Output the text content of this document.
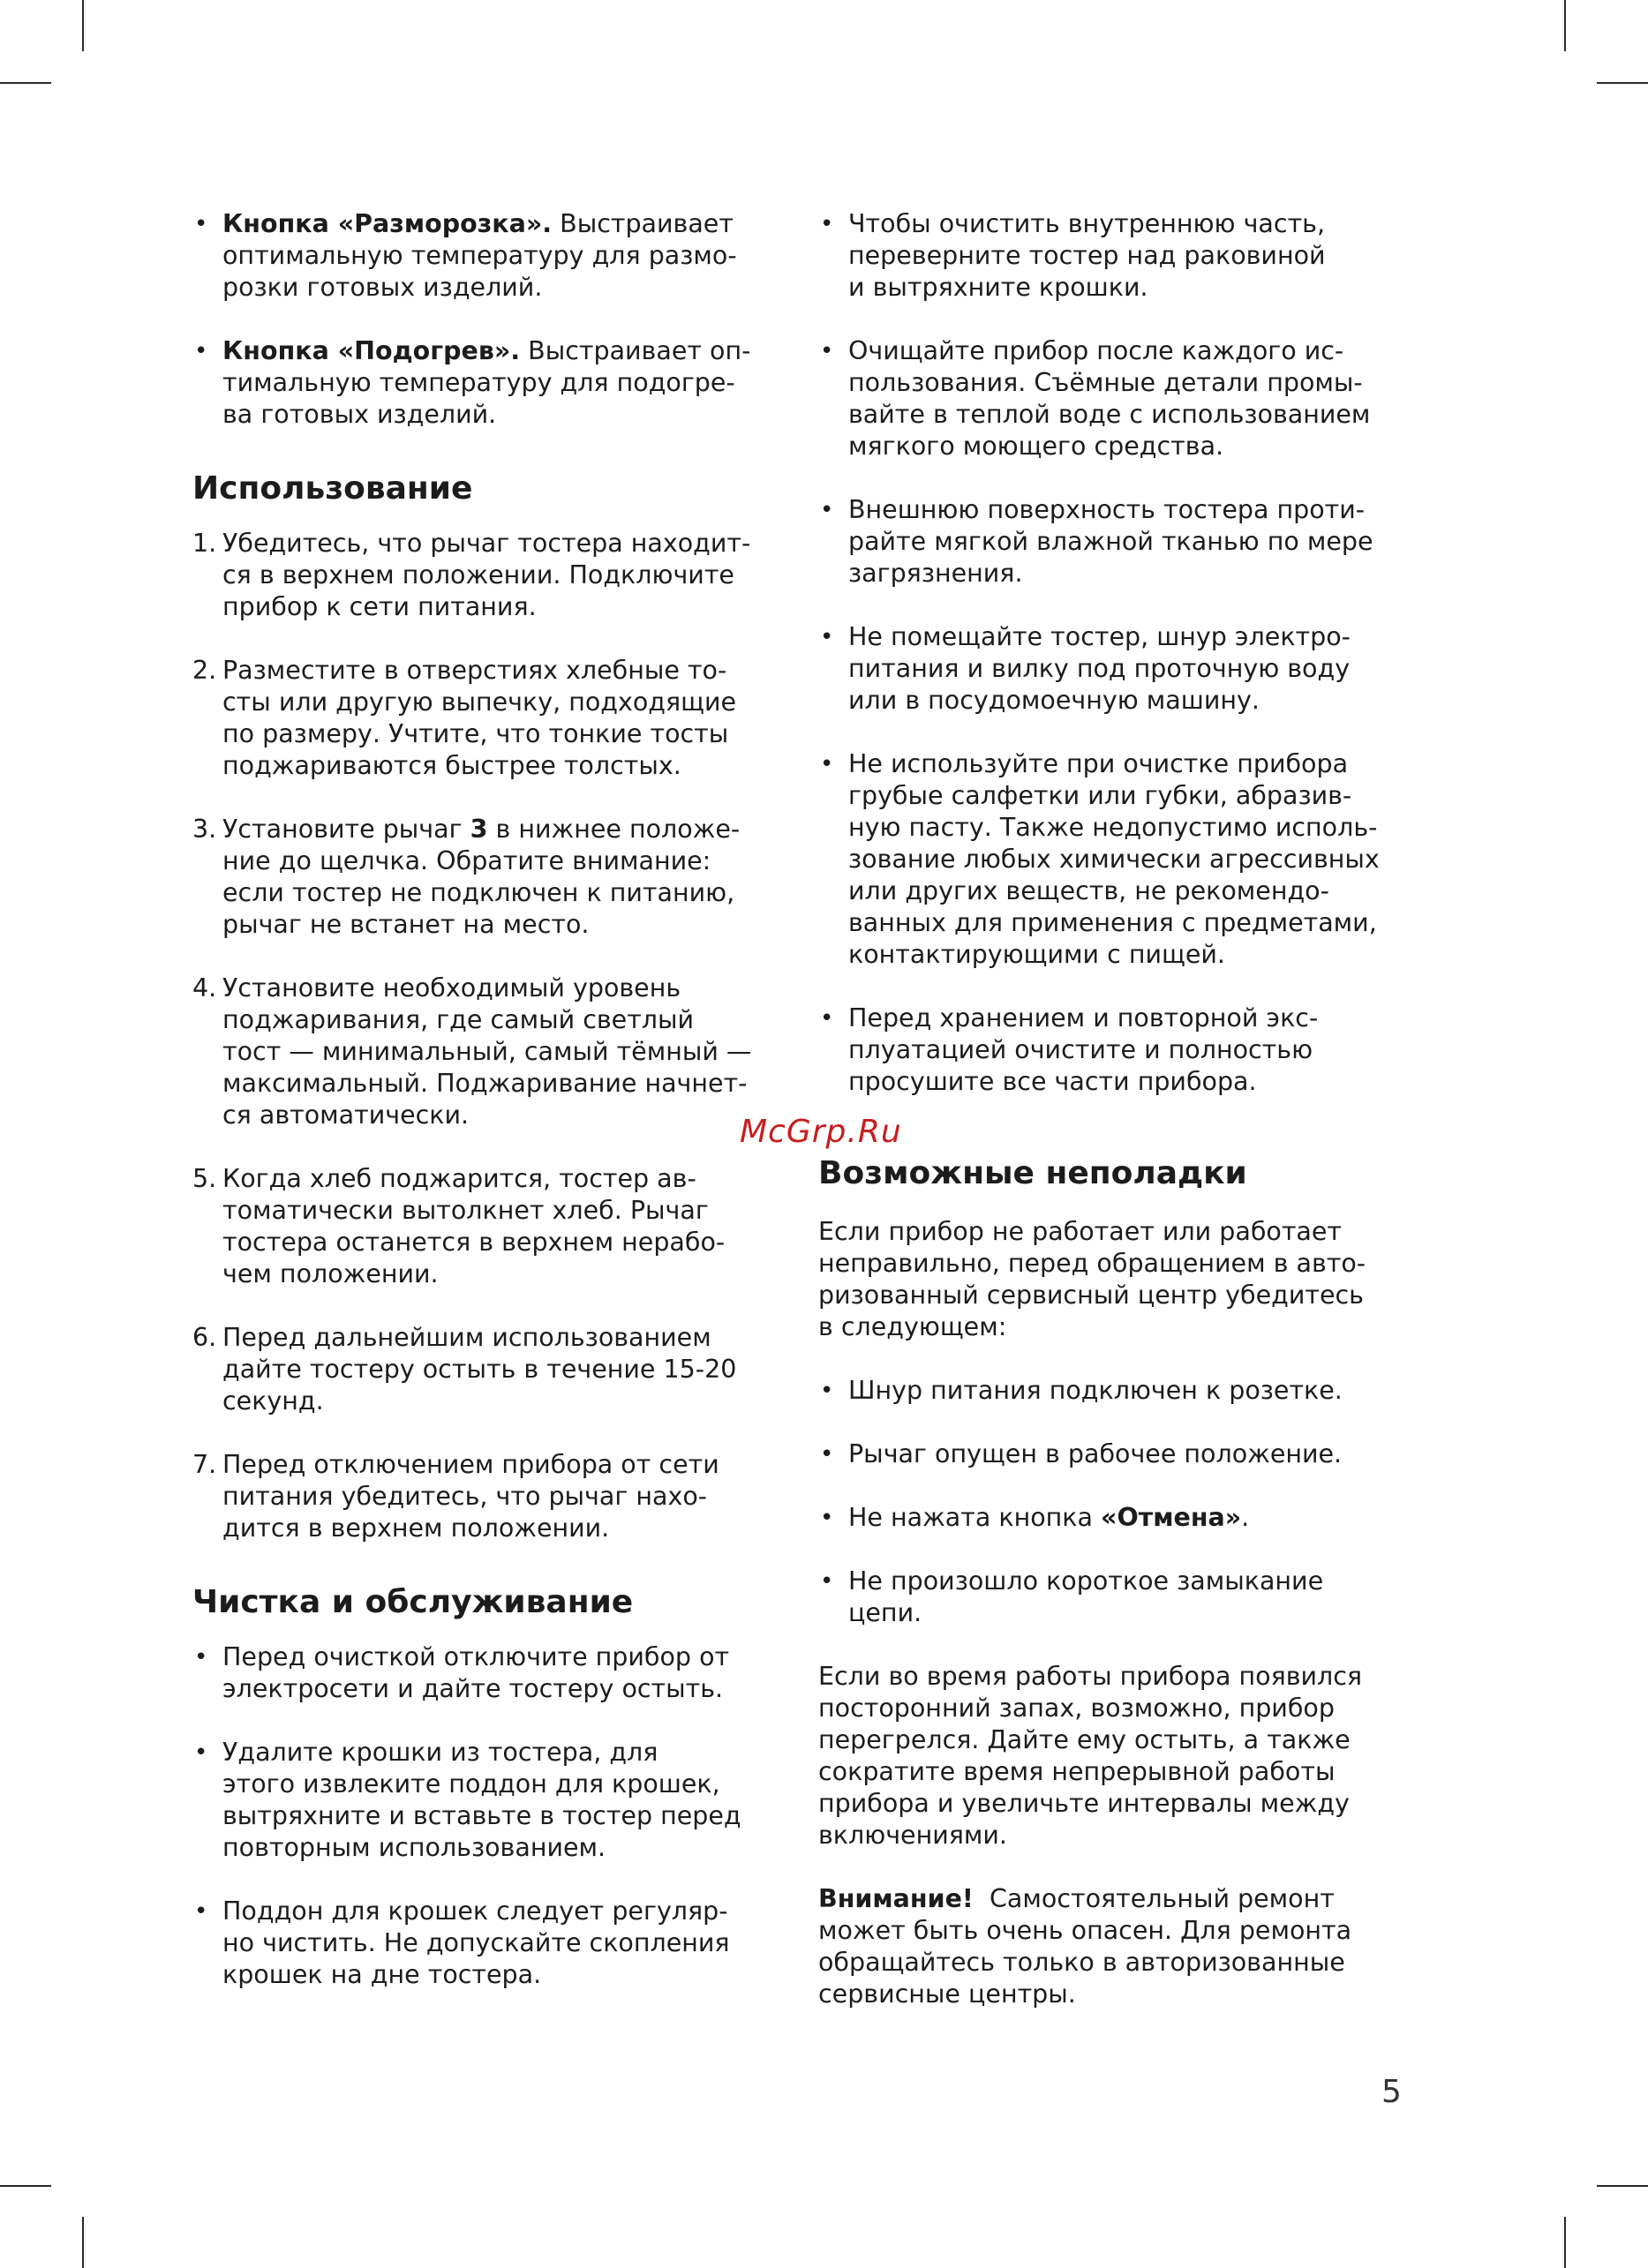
• Кнопка «Разморозка». Выстраивает
оптимальную температуру для размо-
розки готовых изделий.
• Кнопка «Подогрев». Выстраивает оп-
тимальную температуру для подогре-
ва готовых изделий.
Использование
1. Убедитесь, что рычаг тостера находит-
ся в верхнем положении. Подключите
прибор к сети питания.
2. Разместите в отверстиях хлебные то-
сты или другую выпечку, подходящие
по размеру. Учтите, что тонкие тосты
поджариваются быстрее толстых.
3. Установите рычаг 3 в нижнее положе-
ние до щелчка. Обратите внимание:
если тостер не подключен к питанию,
рычаг не встанет на место.
4. Установите необходимый уровень
поджаривания, где самый светлый
тост — минимальный, самый тёмный —
максимальный. Поджаривание начнет-
ся автоматически.
5. Когда хлеб поджарится, тостер ав-
томатически вытолкнет хлеб. Рычаг
тостера останется в верхнем нерабо-
чем положении.
6. Перед дальнейшим использованием
дайте тостеру остыть в течение 15-20
секунд.
7. Перед отключением прибора от сети
питания убедитесь, что рычаг нахо-
дится в верхнем положении.
Чистка и обслуживание
• Перед очисткой отключите прибор от
электросети и дайте тостеру остыть.
• Удалите крошки из тостера, для
этого извлеките поддон для крошек,
вытряхните и вставьте в тостер перед
повторным использованием.
• Поддон для крошек следует регуляр-
но чистить. Не допускайте скопления
крошек на дне тостера.
• Чтобы очистить внутреннюю часть,
переверните тостер над раковиной
и вытряхните крошки.
• Очищайте прибор после каждого ис-
пользования. Съёмные детали промы-
вайте в теплой воде с использованием
мягкого моющего средства.
• Внешнюю поверхность тостера проти-
райте мягкой влажной тканью по мере
загрязнения.
• Не помещайте тостер, шнур электро-
питания и вилку под проточную воду
или в посудомоечную машину.
• Не используйте при очистке прибора
грубые салфетки или губки, абразив-
ную пасту. Также недопустимо исполь-
зование любых химически агрессивных
или других веществ, не рекомендо-
ванных для применения с предметами,
контактирующими с пищей.
• Перед хранением и повторной экс-
плуатацией очистите и полностью
просушите все части прибора.
Возможные неполадки
Если прибор не работает или работает
неправильно, перед обращением в авто-
ризованный сервисный центр убедитесь
в следующем:
• Шнур питания подключен к розетке.
• Рычаг опущен в рабочее положение.
• Не нажата кнопка «Отмена».
• Не произошло короткое замыкание
цепи.
Если во время работы прибора появился
посторонний запах, возможно, прибор
перегрелся. Дайте ему остыть, а также
сократите время непрерывной работы
прибора и увеличьте интервалы между
включениями.
Внимание!  Самостоятельный ремонт
может быть очень опасен. Для ремонта
обращайтесь только в авторизованные
сервисные центры.
McGrp.Ru
5
